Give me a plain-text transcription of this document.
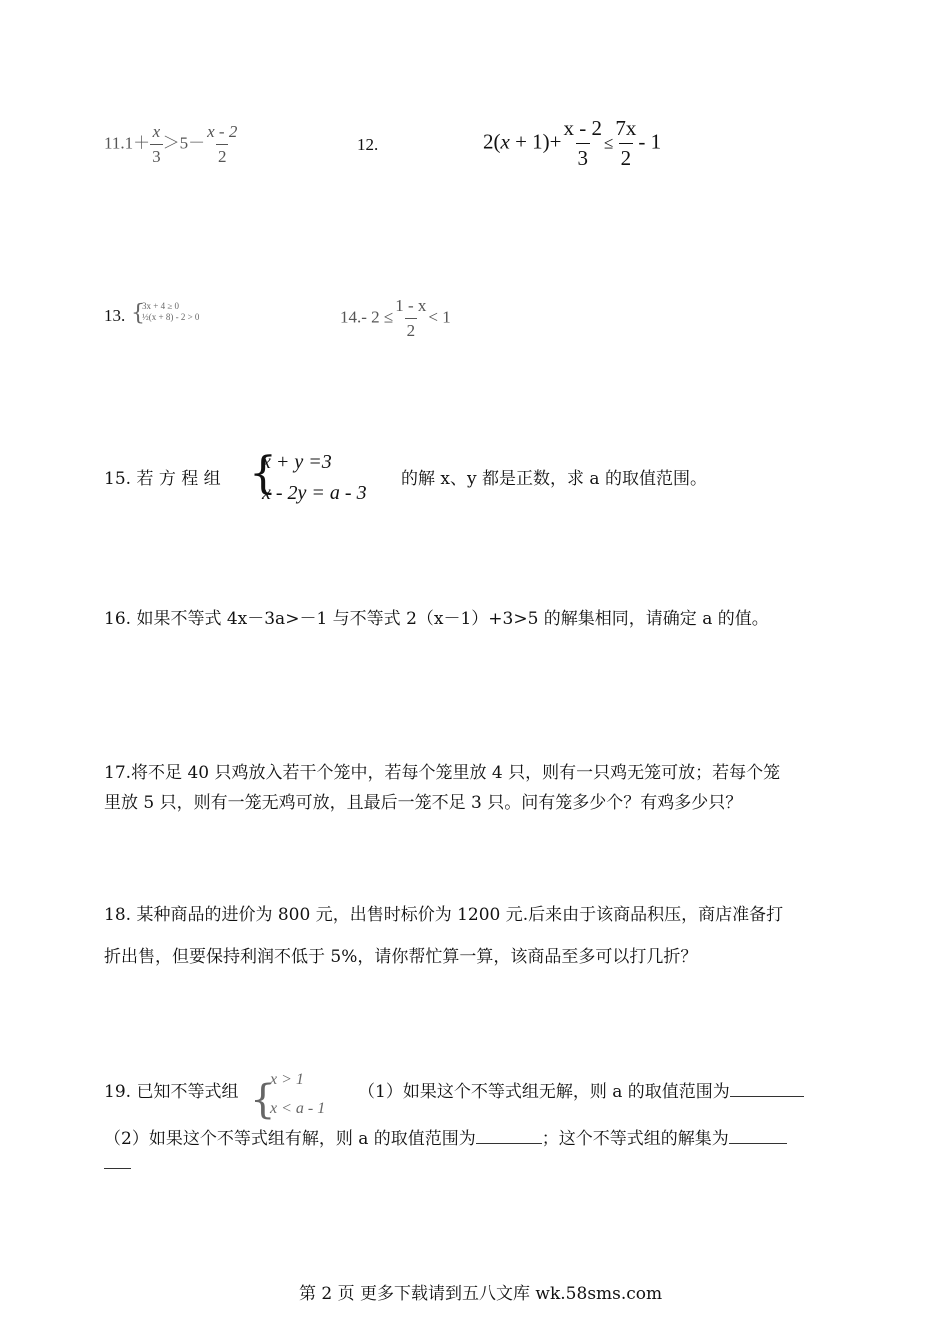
$11.1+ \frac{x}{3} >5- \frac{x - 2}{2}$	12.	$2(x + 1)+ \frac{x - 2}{3} \le \frac{7x}{2} - 1$
13. {
3x + 4 ≥ 0
½(x + 8) - 2 > 0	14.- $2 \le \frac{1 - x}{2} < 1$
15. 若 方 程 组 {
x + y =3
x - 2y = a - 3
的解 x、y 都是正数，求 a 的取值范围。
16. 如果不等式 4x－3a>－1 与不等式 2（x－1）+3>5 的解集相同，请确定 a 的值。
17.将不足 40 只鸡放入若干个笼中，若每个笼里放 4 只，则有一只鸡无笼可放；若每个笼
里放 5 只，则有一笼无鸡可放，且最后一笼不足 3 只。问有笼多少个？有鸡多少只？
18. 某种商品的进价为 800 元，出售时标价为 1200 元.后来由于该商品积压，商店准备打
折出售，但要保持利润不低于 5%，请你帮忙算一算，该商品至多可以打几折？
19. 已知不等式组 {
x > 1
x < a - 1
（1）如果这个不等式组无解，则 a 的取值范围为
（2）如果这个不等式组有解，则 a 的取值范围为	；这个不等式组的解集为
第 2 页 更多下载请到五八文库 wk.58sms.com
